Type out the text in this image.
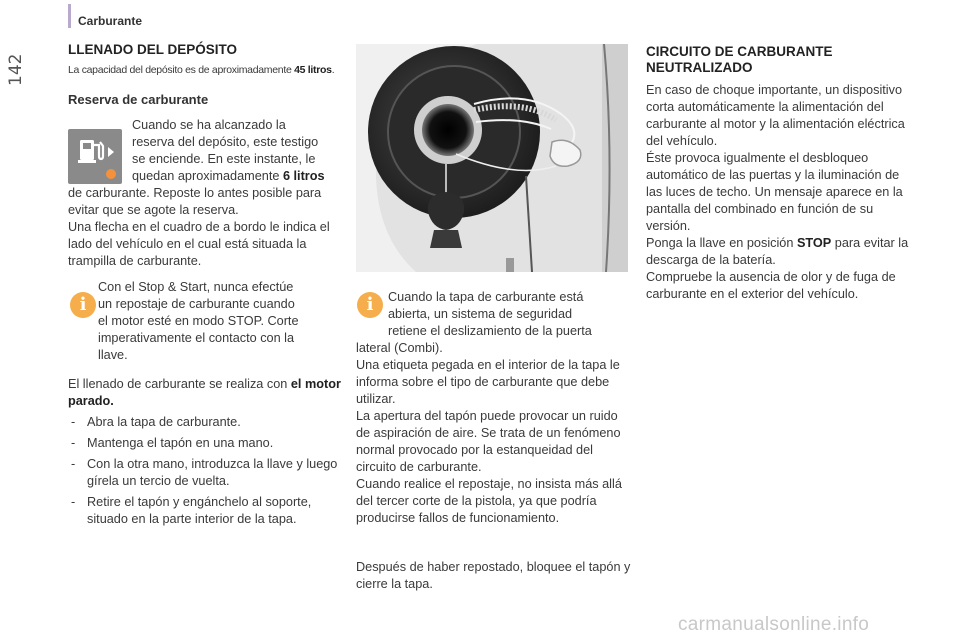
142
Carburante
LLENADO DEL DEPÓSITO
La capacidad del depósito es de aproximadamente 45 litros.
Reserva de carburante
Cuando se ha alcanzado la
reserva del depósito, este testigo
se enciende. En este instante, le
quedan aproximadamente 6 litros
de carburante. Reposte lo antes posible para evitar que se agote la reserva.
Una flecha en el cuadro de a bordo le indica el lado del vehículo en el cual está situada la trampilla de carburante.
Con el Stop & Start, nunca efectúe
un repostaje de carburante cuando
el motor esté en modo STOP. Corte
imperativamente el contacto con la
llave.
El llenado de carburante se realiza con el motor parado.
- Abra la tapa de carburante.
- Mantenga el tapón en una mano.
- Con la otra mano, introduzca la llave y luego gírela un tercio de vuelta.
- Retire el tapón y engánchelo al soporte, situado en la parte interior de la tapa.
i	i	Cuando la tapa de carburante está
abierta, un sistema de seguridad
retiene el deslizamiento de la puerta
lateral (Combi).
Una etiqueta pegada en el interior de la tapa le informa sobre el tipo de carburante que debe utilizar.
La apertura del tapón puede provocar un ruido de aspiración de aire. Se trata de un fenómeno normal provocado por la estanqueidad del circuito de carburante.
Cuando realice el repostaje, no insista más allá del tercer corte de la pistola, ya que podría producirse fallos de funcionamiento.
Después de haber repostado, bloquee el tapón y cierre la tapa.
CIRCUITO DE CARBURANTE
NEUTRALIZADO
En caso de choque importante, un dispositivo corta automáticamente la alimentación del carburante al motor y la alimentación eléctrica del vehículo.
Éste provoca igualmente el desbloqueo automático de las puertas y la iluminación de las luces de techo. Un mensaje aparece en la pantalla del combinado en función de su versión.
Ponga la llave en posición STOP para evitar la descarga de la batería.
Compruebe la ausencia de olor y de fuga de carburante en el exterior del vehículo.
carmanualsonline.info
